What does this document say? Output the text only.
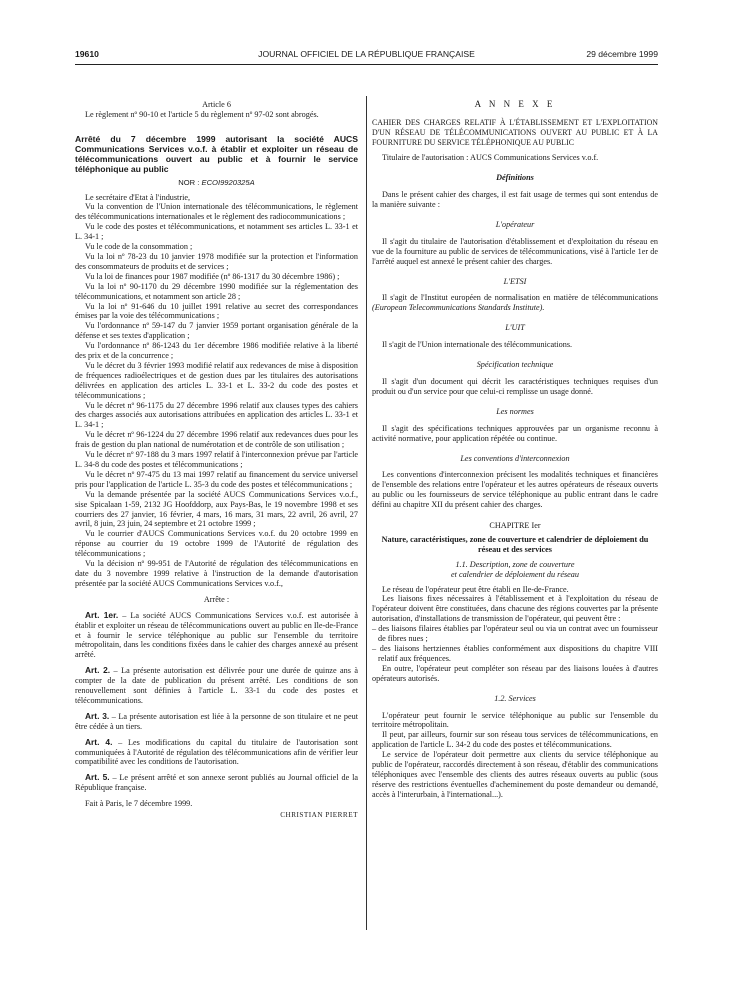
19610	JOURNAL OFFICIEL DE LA RÉPUBLIQUE FRANÇAISE	29 décembre 1999

Article 6

Le règlement nº 90-10 et l'article 5 du règlement nº 97-02 sont abrogés.

Arrêté du 7 décembre 1999 autorisant la société AUCS Communications Services v.o.f. à établir et exploiter un réseau de télécommunications ouvert au public et à fournir le service téléphonique au public

NOR : ECOI9920325A

Le secrétaire d'Etat à l'industrie,

Vu la convention de l'Union internationale des télécommunications, le règlement des télécommunications internationales et le règlement des radiocommunications ;

Vu le code des postes et télécommunications, et notamment ses articles L. 33-1 et L. 34-1 ;

Vu le code de la consommation ;

Vu la loi nº 78-23 du 10 janvier 1978 modifiée sur la protection et l'information des consommateurs de produits et de services ;

Vu la loi de finances pour 1987 modifiée (nº 86-1317 du 30 décembre 1986) ;

Vu la loi nº 90-1170 du 29 décembre 1990 modifiée sur la réglementation des télécommunications, et notamment son article 28 ;

Vu la loi nº 91-646 du 10 juillet 1991 relative au secret des correspondances émises par la voie des télécommunications ;

Vu l'ordonnance nº 59-147 du 7 janvier 1959 portant organisation générale de la défense et ses textes d'application ;

Vu l'ordonnance nº 86-1243 du 1er décembre 1986 modifiée relative à la liberté des prix et de la concurrence ;

Vu le décret du 3 février 1993 modifié relatif aux redevances de mise à disposition de fréquences radioélectriques et de gestion dues par les titulaires des autorisations délivrées en application des articles L. 33-1 et L. 33-2 du code des postes et télécommunications ;

Vu le décret nº 96-1175 du 27 décembre 1996 relatif aux clauses types des cahiers des charges associés aux autorisations attribuées en application des articles L. 33-1 et L. 34-1 ;

Vu le décret nº 96-1224 du 27 décembre 1996 relatif aux redevances dues pour les frais de gestion du plan national de numérotation et de contrôle de son utilisation ;

Vu le décret nº 97-188 du 3 mars 1997 relatif à l'interconnexion prévue par l'article L. 34-8 du code des postes et télécommunications ;

Vu le décret nº 97-475 du 13 mai 1997 relatif au financement du service universel pris pour l'application de l'article L. 35-3 du code des postes et télécommunications ;

Vu la demande présentée par la société AUCS Communications Services v.o.f., sise Spicalaan 1-59, 2132 JG Hoofddorp, aux Pays-Bas, le 19 novembre 1998 et ses courriers des 27 janvier, 16 février, 4 mars, 16 mars, 31 mars, 22 avril, 26 avril, 27 avril, 8 juin, 23 juin, 24 septembre et 21 octobre 1999 ;

Vu le courrier d'AUCS Communications Services v.o.f. du 20 octobre 1999 en réponse au courrier du 19 octobre 1999 de l'Autorité de régulation des télécommunications ;

Vu la décision nº 99-951 de l'Autorité de régulation des télécommunications en date du 3 novembre 1999 relative à l'instruction de la demande d'autorisation présentée par la société AUCS Communications Services v.o.f.,

Arrête :

Art. 1er. – La société AUCS Communications Services v.o.f. est autorisée à établir et exploiter un réseau de télécommunications ouvert au public en Ile-de-France et à fournir le service téléphonique au public sur l'ensemble du territoire métropolitain, dans les conditions fixées dans le cahier des charges annexé au présent arrêté.

Art. 2. – La présente autorisation est délivrée pour une durée de quinze ans à compter de la date de publication du présent arrêté. Les conditions de son renouvellement sont définies à l'article L. 33-1 du code des postes et télécommunications.

Art. 3. – La présente autorisation est liée à la personne de son titulaire et ne peut être cédée à un tiers.

Art. 4. – Les modifications du capital du titulaire de l'autorisation sont communiquées à l'Autorité de régulation des télécommunications afin de vérifier leur compatibilité avec les conditions de l'autorisation.

Art. 5. – Le présent arrêté et son annexe seront publiés au Journal officiel de la République française.

Fait à Paris, le 7 décembre 1999.

CHRISTIAN PIERRET

A N N E X E

CAHIER DES CHARGES RELATIF À L'ÉTABLISSEMENT ET L'EXPLOITATION D'UN RÉSEAU DE TÉLÉCOMMUNICATIONS OUVERT AU PUBLIC ET À LA FOURNITURE DU SERVICE TÉLÉPHONIQUE AU PUBLIC

Titulaire de l'autorisation : AUCS Communications Services v.o.f.

Définitions

Dans le présent cahier des charges, il est fait usage de termes qui sont entendus de la manière suivante :

L'opérateur

Il s'agit du titulaire de l'autorisation d'établissement et d'exploitation du réseau en vue de la fourniture au public de services de télécommunications, visé à l'article 1er de l'arrêté auquel est annexé le présent cahier des charges.

L'ETSI

Il s'agit de l'Institut européen de normalisation en matière de télécommunications (European Telecommunications Standards Institute).

L'UIT

Il s'agit de l'Union internationale des télécommunications.

Spécification technique

Il s'agit d'un document qui décrit les caractéristiques techniques requises d'un produit ou d'un service pour que celui-ci remplisse un usage donné.

Les normes

Il s'agit des spécifications techniques approuvées par un organisme reconnu à activité normative, pour application répétée ou continue.

Les conventions d'interconnexion

Les conventions d'interconnexion précisent les modalités techniques et financières de l'ensemble des relations entre l'opérateur et les autres opérateurs de réseaux ouverts au public ou les fournisseurs de service téléphonique au public entrant dans le cadre défini au chapitre XII du présent cahier des charges.

CHAPITRE Ier

Nature, caractéristiques, zone de couverture et calendrier de déploiement du réseau et des services

1.1. Description, zone de couverture
et calendrier de déploiement du réseau

Le réseau de l'opérateur peut être établi en Ile-de-France.

Les liaisons fixes nécessaires à l'établissement et à l'exploitation du réseau de l'opérateur doivent être constituées, dans chacune des régions couvertes par la présente autorisation, d'installations de transmission de l'opérateur, qui peuvent être :

– des liaisons filaires établies par l'opérateur seul ou via un contrat avec un fournisseur de fibres nues ;

– des liaisons hertziennes établies conformément aux dispositions du chapitre VIII relatif aux fréquences.

En outre, l'opérateur peut compléter son réseau par des liaisons louées à d'autres opérateurs autorisés.

1.2. Services

L'opérateur peut fournir le service téléphonique au public sur l'ensemble du territoire métropolitain.

Il peut, par ailleurs, fournir sur son réseau tous services de télécommunications, en application de l'article L. 34-2 du code des postes et télécommunications.

Le service de l'opérateur doit permettre aux clients du service téléphonique au public de l'opérateur, raccordés directement à son réseau, d'établir des communications téléphoniques avec l'ensemble des clients des autres réseaux ouverts au public (sous réserve des restrictions éventuelles d'acheminement du poste demandeur ou demandé, accès à l'interurbain, à l'international...).
